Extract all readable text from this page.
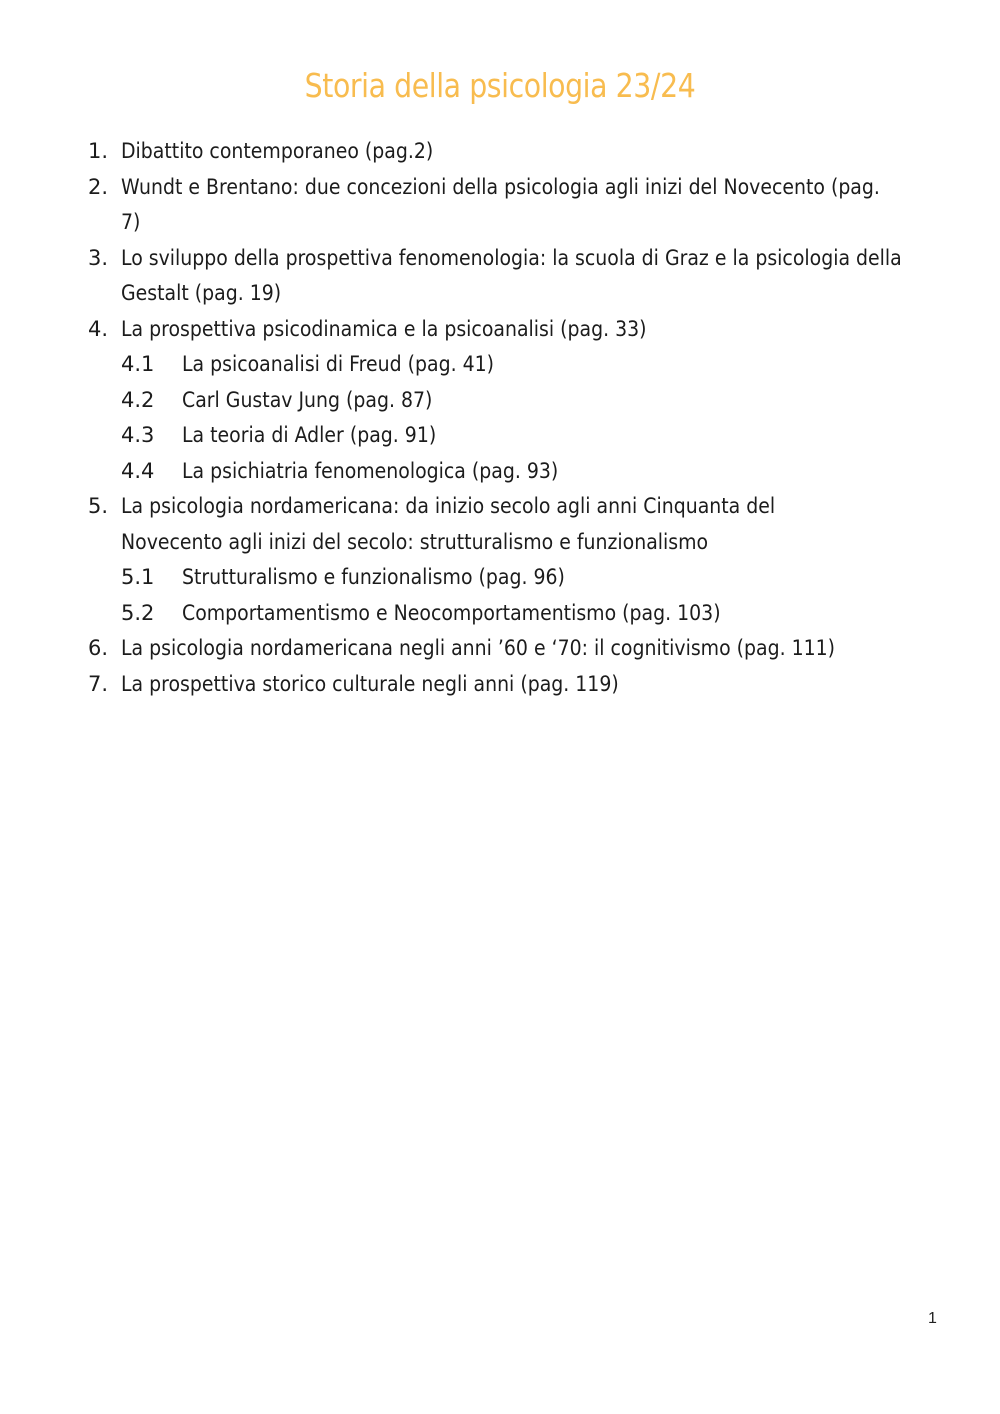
Storia della psicologia 23/24
1. Dibattito contemporaneo (pag.2)
2. Wundt e Brentano: due concezioni della psicologia agli inizi del Novecento (pag. 7)
3. Lo sviluppo della prospettiva fenomenologia: la scuola di Graz e la psicologia della Gestalt (pag. 19)
4. La prospettiva psicodinamica e la psicoanalisi (pag. 33)
4.1 La psicoanalisi di Freud (pag. 41)
4.2 Carl Gustav Jung (pag. 87)
4.3 La teoria di Adler (pag. 91)
4.4 La psichiatria fenomenologica (pag. 93)
5. La psicologia nordamericana: da inizio secolo agli anni Cinquanta del Novecento agli inizi del secolo: strutturalismo e funzionalismo
5.1 Strutturalismo e funzionalismo (pag. 96)
5.2 Comportamentismo e Neocomportamentismo (pag. 103)
6. La psicologia nordamericana negli anni ’60 e ‘70: il cognitivismo (pag. 111)
7. La prospettiva storico culturale negli anni (pag. 119)
1
